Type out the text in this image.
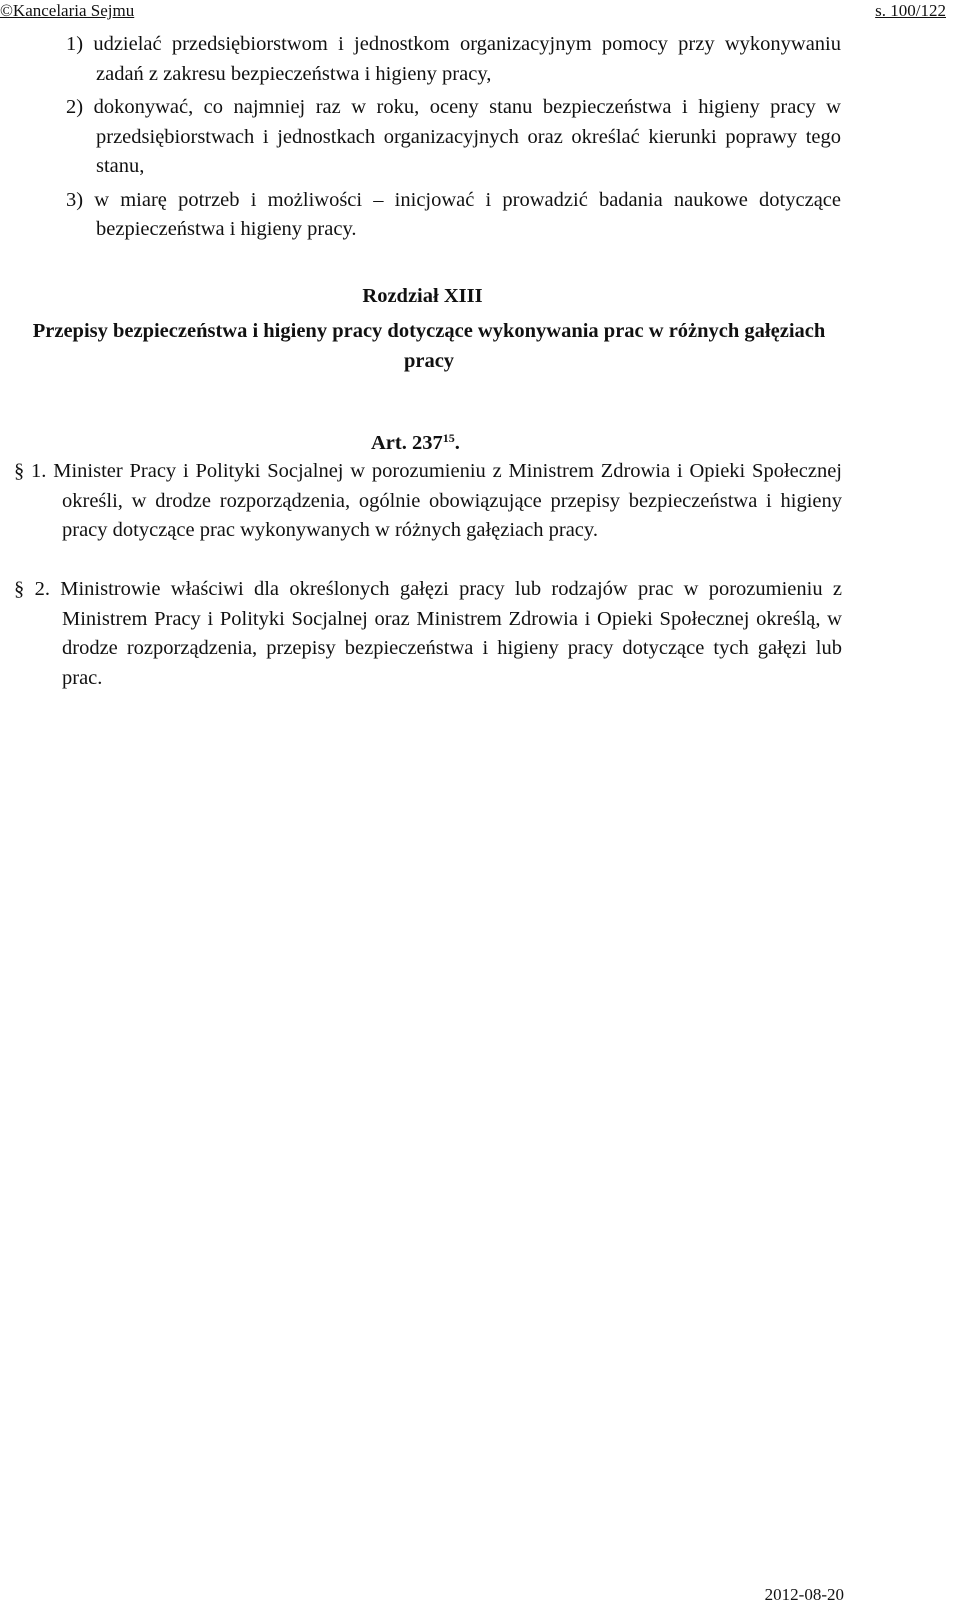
©Kancelaria Sejmu	s. 100/122

1) udzielać przedsiębiorstwom i jednostkom organizacyjnym pomocy przy wykonywaniu zadań z zakresu bezpieczeństwa i higieny pracy,

2) dokonywać, co najmniej raz w roku, oceny stanu bezpieczeństwa i higieny pracy w przedsiębiorstwach i jednostkach organizacyjnych oraz określać kierunki poprawy tego stanu,

3) w miarę potrzeb i możliwości – inicjować i prowadzić badania naukowe dotyczące bezpieczeństwa i higieny pracy.

Rozdział XIII
Przepisy bezpieczeństwa i higieny pracy dotyczące wykonywania prac w różnych gałęziach pracy
Art. $237^{15}$.

§ 1. Minister Pracy i Polityki Socjalnej w porozumieniu z Ministrem Zdrowia i Opieki Społecznej określi, w drodze rozporządzenia, ogólnie obowiązujące przepisy bezpieczeństwa i higieny pracy dotyczące prac wykonywanych w różnych gałęziach pracy.

§ 2. Ministrowie właściwi dla określonych gałęzi pracy lub rodzajów prac w porozumieniu z Ministrem Pracy i Polityki Socjalnej oraz Ministrem Zdrowia i Opieki Społecznej określą, w drodze rozporządzenia, przepisy bezpieczeństwa i higieny pracy dotyczące tych gałęzi lub prac.

2012-08-20
